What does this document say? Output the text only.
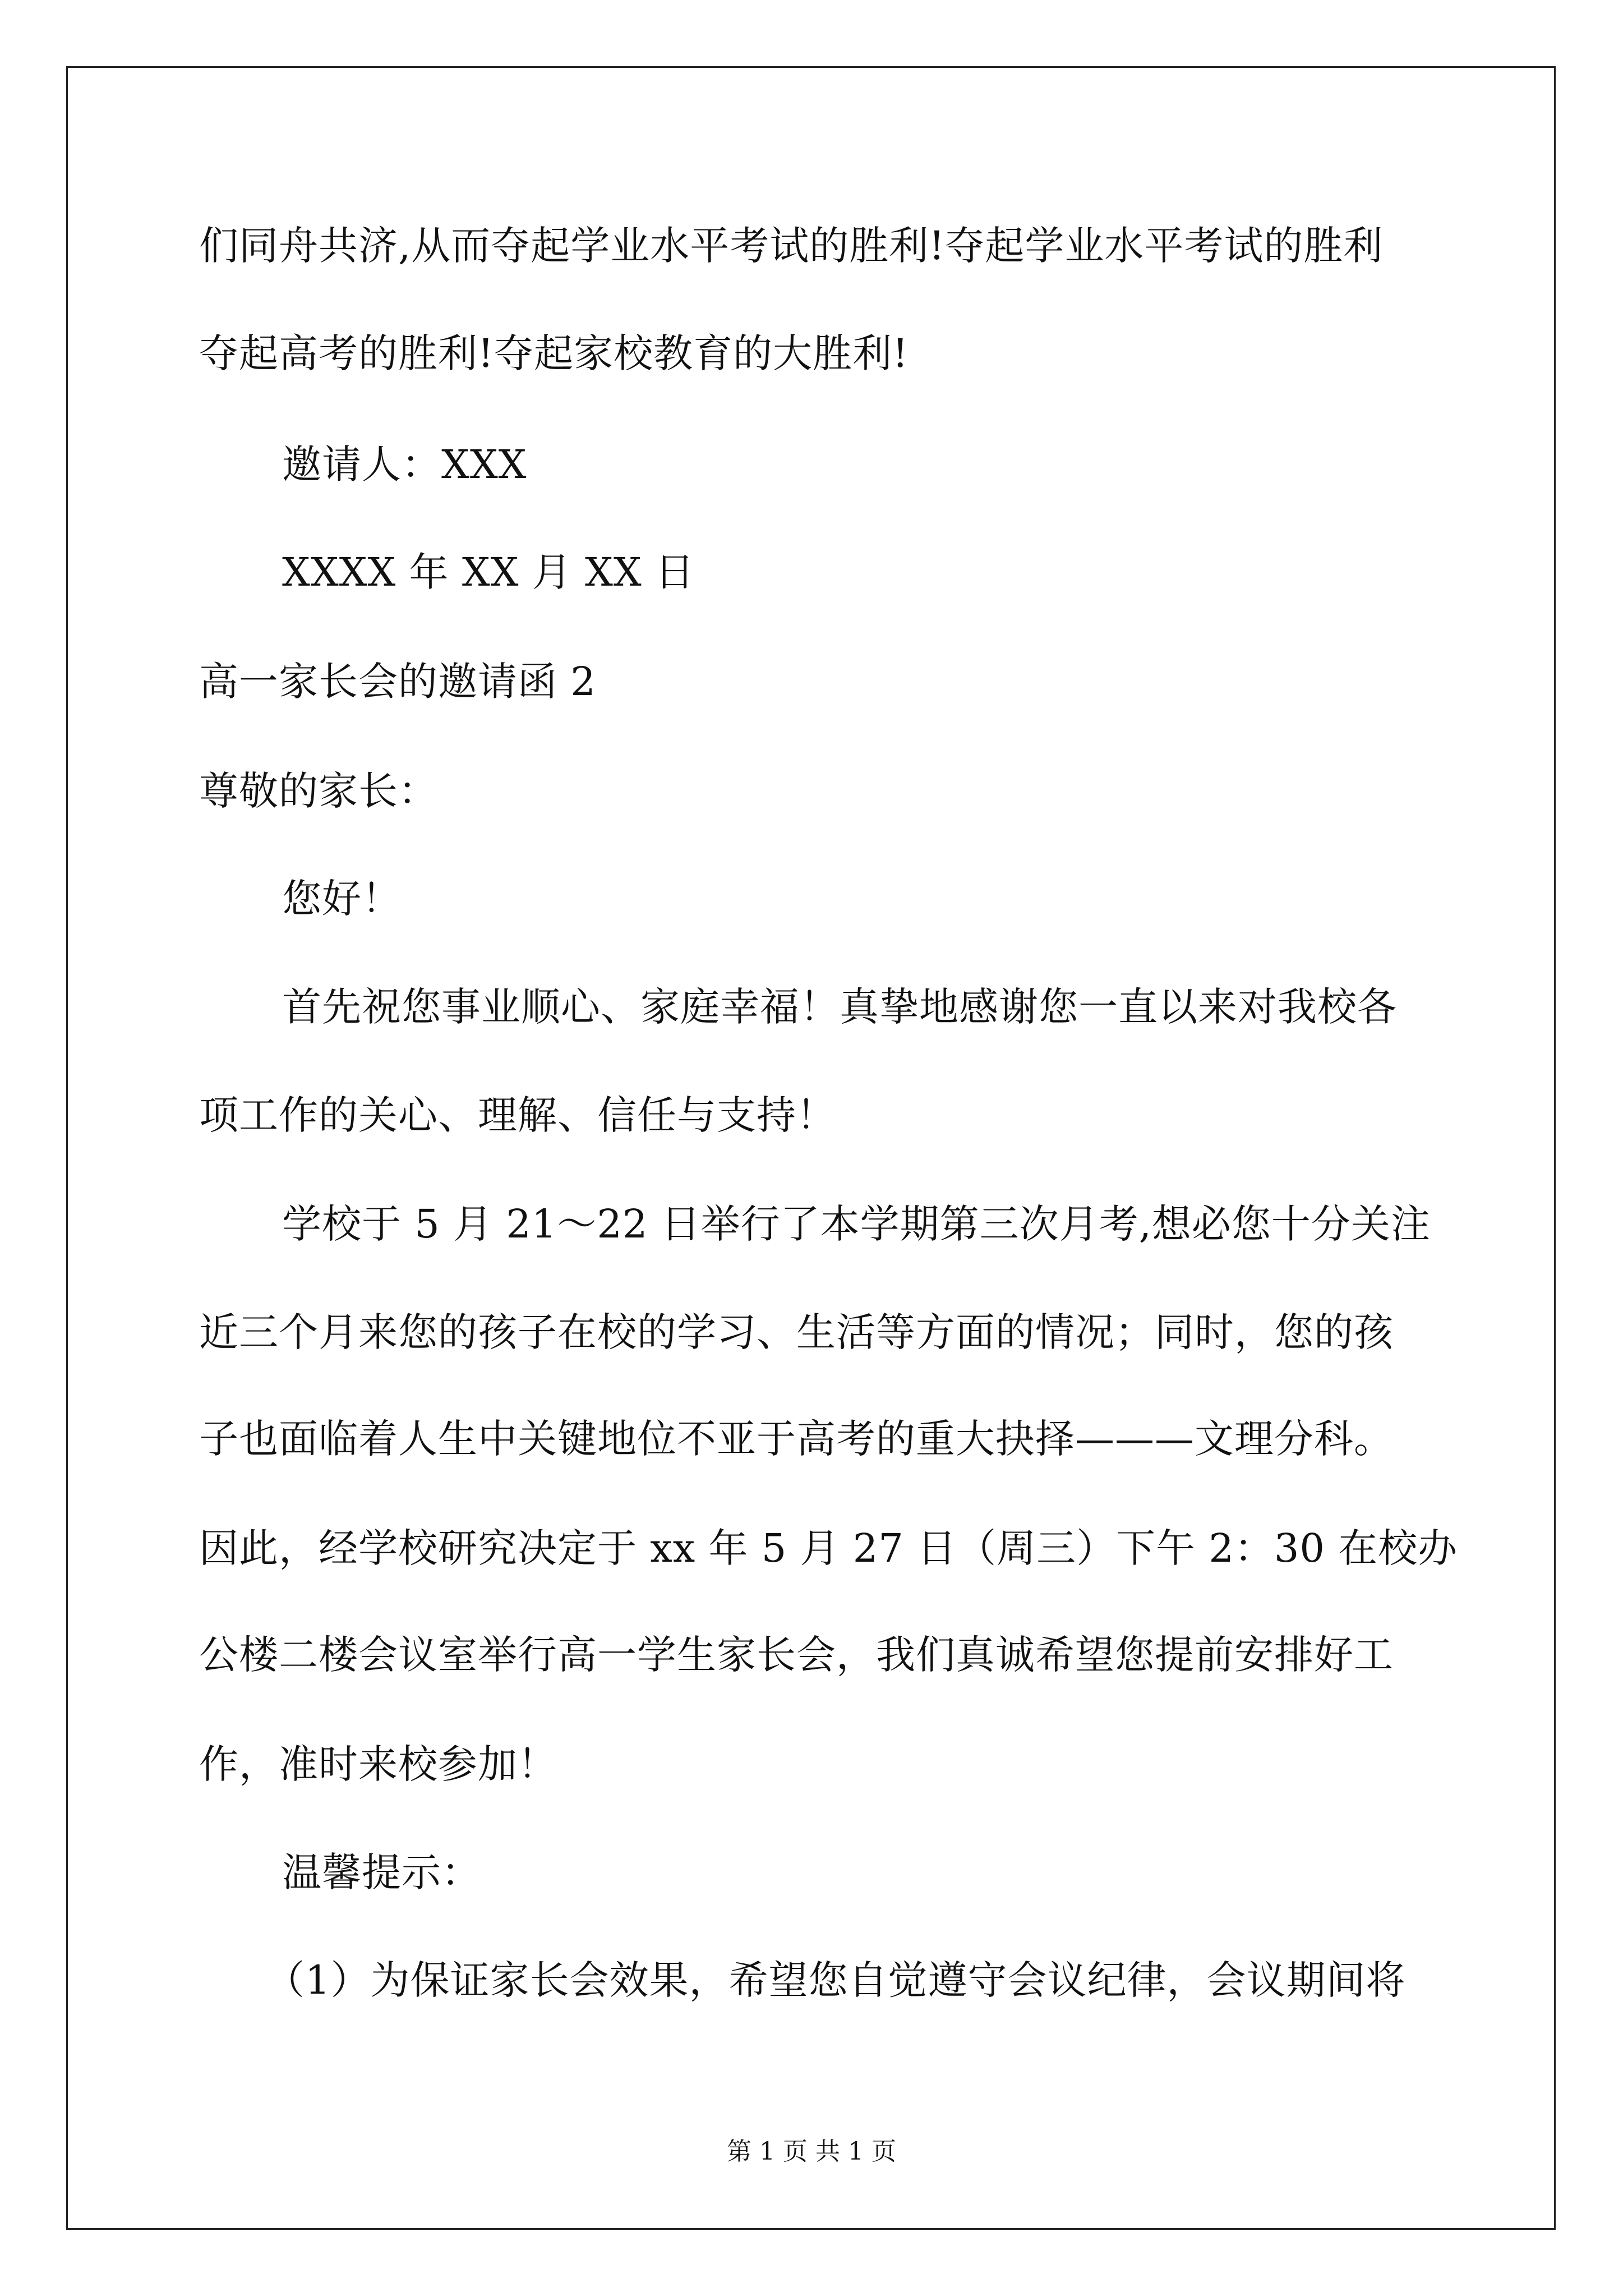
们同舟共济,从而夺起学业水平考试的胜利!夺起学业水平考试的胜利
夺起高考的胜利!夺起家校教育的大胜利!
邀请人：XXX
XXXX 年 XX 月 XX 日
高一家长会的邀请函 2
尊敬的家长：
您好！
首先祝您事业顺心、家庭幸福！真挚地感谢您一直以来对我校各
项工作的关心、理解、信任与支持！
学校于 5 月 21～22 日举行了本学期第三次月考,想必您十分关注
近三个月来您的孩子在校的学习、生活等方面的情况；同时，您的孩
子也面临着人生中关键地位不亚于高考的重大抉择———文理分科。
因此，经学校研究决定于 xx 年 5 月 27 日（周三）下午 2：30 在校办
公楼二楼会议室举行高一学生家长会，我们真诚希望您提前安排好工
作，准时来校参加！
温馨提示：
（1）为保证家长会效果，希望您自觉遵守会议纪律，会议期间将
第 1 页 共 1 页
